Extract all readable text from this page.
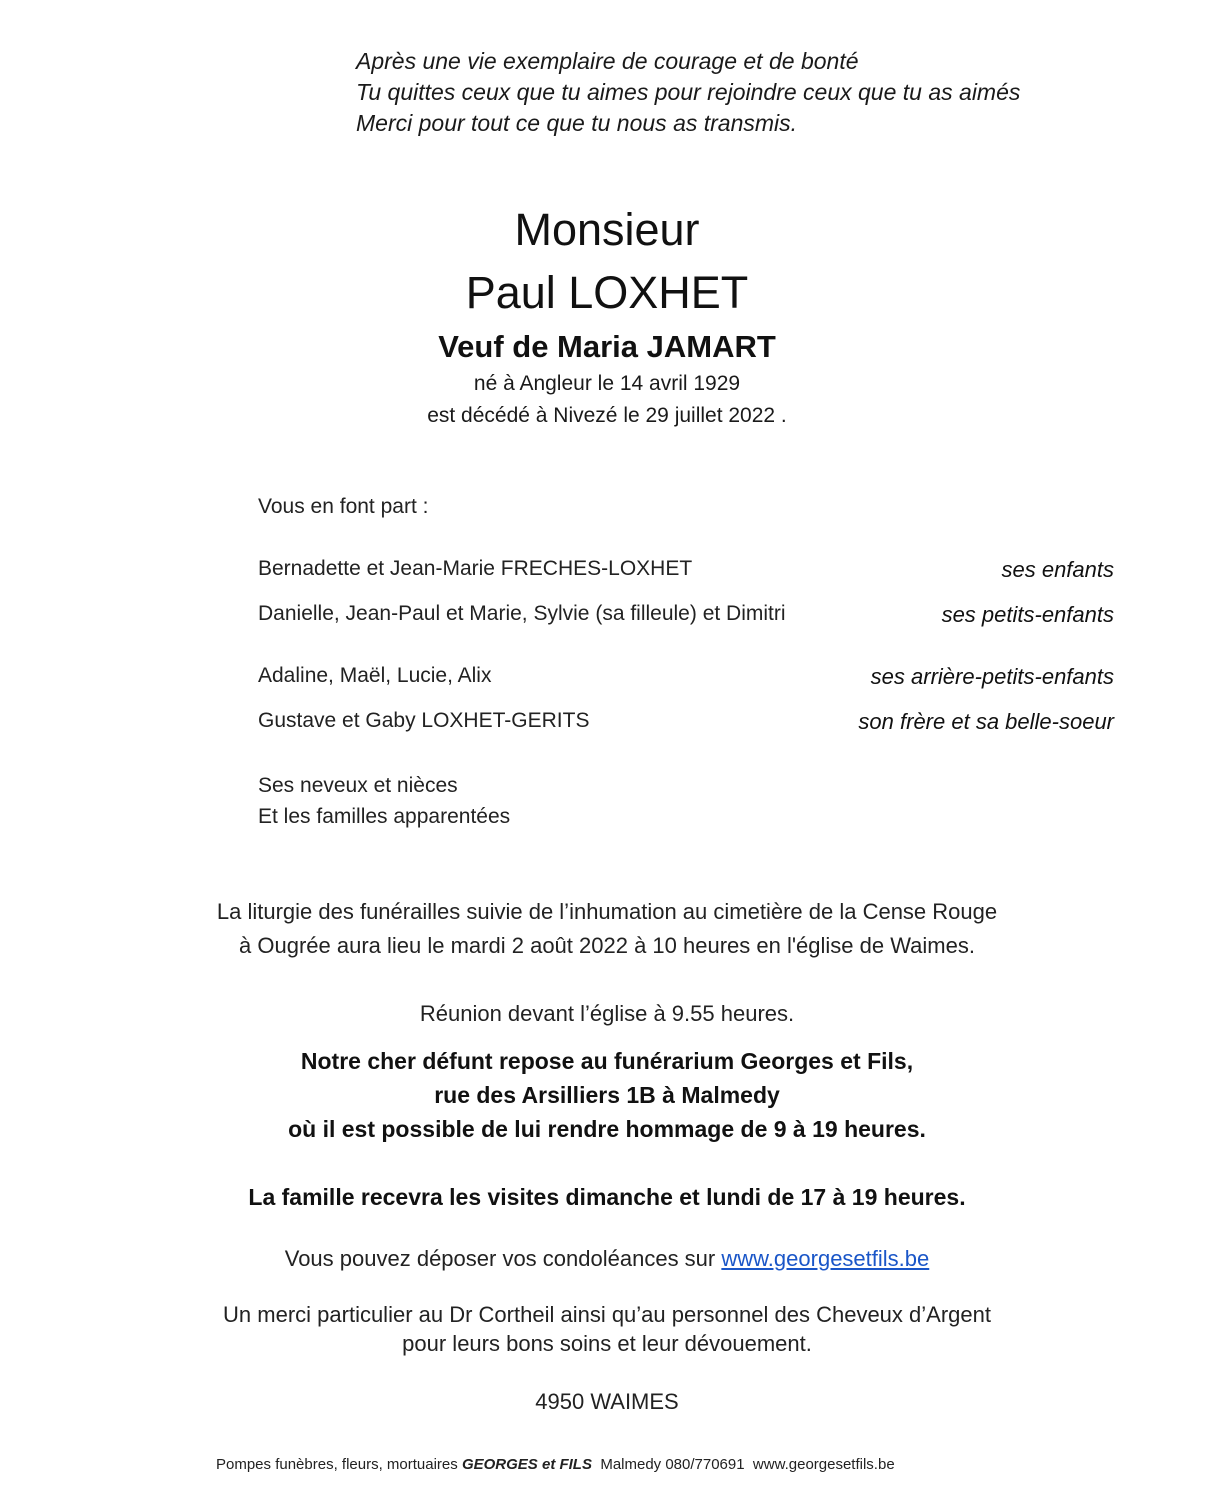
Après une vie exemplaire de courage et de bonté
Tu quittes ceux que tu aimes pour rejoindre ceux que tu as aimés
Merci pour tout ce que tu nous as transmis.
Monsieur
Paul LOXHET
Veuf de Maria JAMART
né à Angleur le 14 avril 1929
est décédé à Nivezé le 29 juillet 2022 .
Vous en font part :
Bernadette et Jean-Marie FRECHES-LOXHET	ses enfants
Danielle, Jean-Paul et Marie, Sylvie (sa filleule) et Dimitri	ses petits-enfants
Adaline, Maël, Lucie, Alix	ses arrière-petits-enfants
Gustave et Gaby LOXHET-GERITS	son frère et sa belle-soeur
Ses neveux et nièces
Et les familles apparentées
La liturgie des funérailles suivie de l’inhumation au cimetière de la Cense Rouge
à Ougrée aura lieu le mardi 2 août 2022 à 10 heures en l'église de Waimes.
Réunion devant l’église à 9.55 heures.
Notre cher défunt repose au funérarium Georges et Fils,
rue des Arsilliers 1B à Malmedy
où il est possible de lui rendre hommage de 9 à 19 heures.
La famille recevra les visites dimanche et lundi de 17 à 19 heures.
Vous pouvez déposer vos condoléances sur www.georgesetfils.be
Un merci particulier au Dr Cortheil ainsi qu’au personnel des Cheveux d’Argent
pour leurs bons soins et leur dévouement.
4950 WAIMES
Pompes funèbres, fleurs, mortuaires GEORGES et FILS  Malmedy 080/770691  www.georgesetfils.be
